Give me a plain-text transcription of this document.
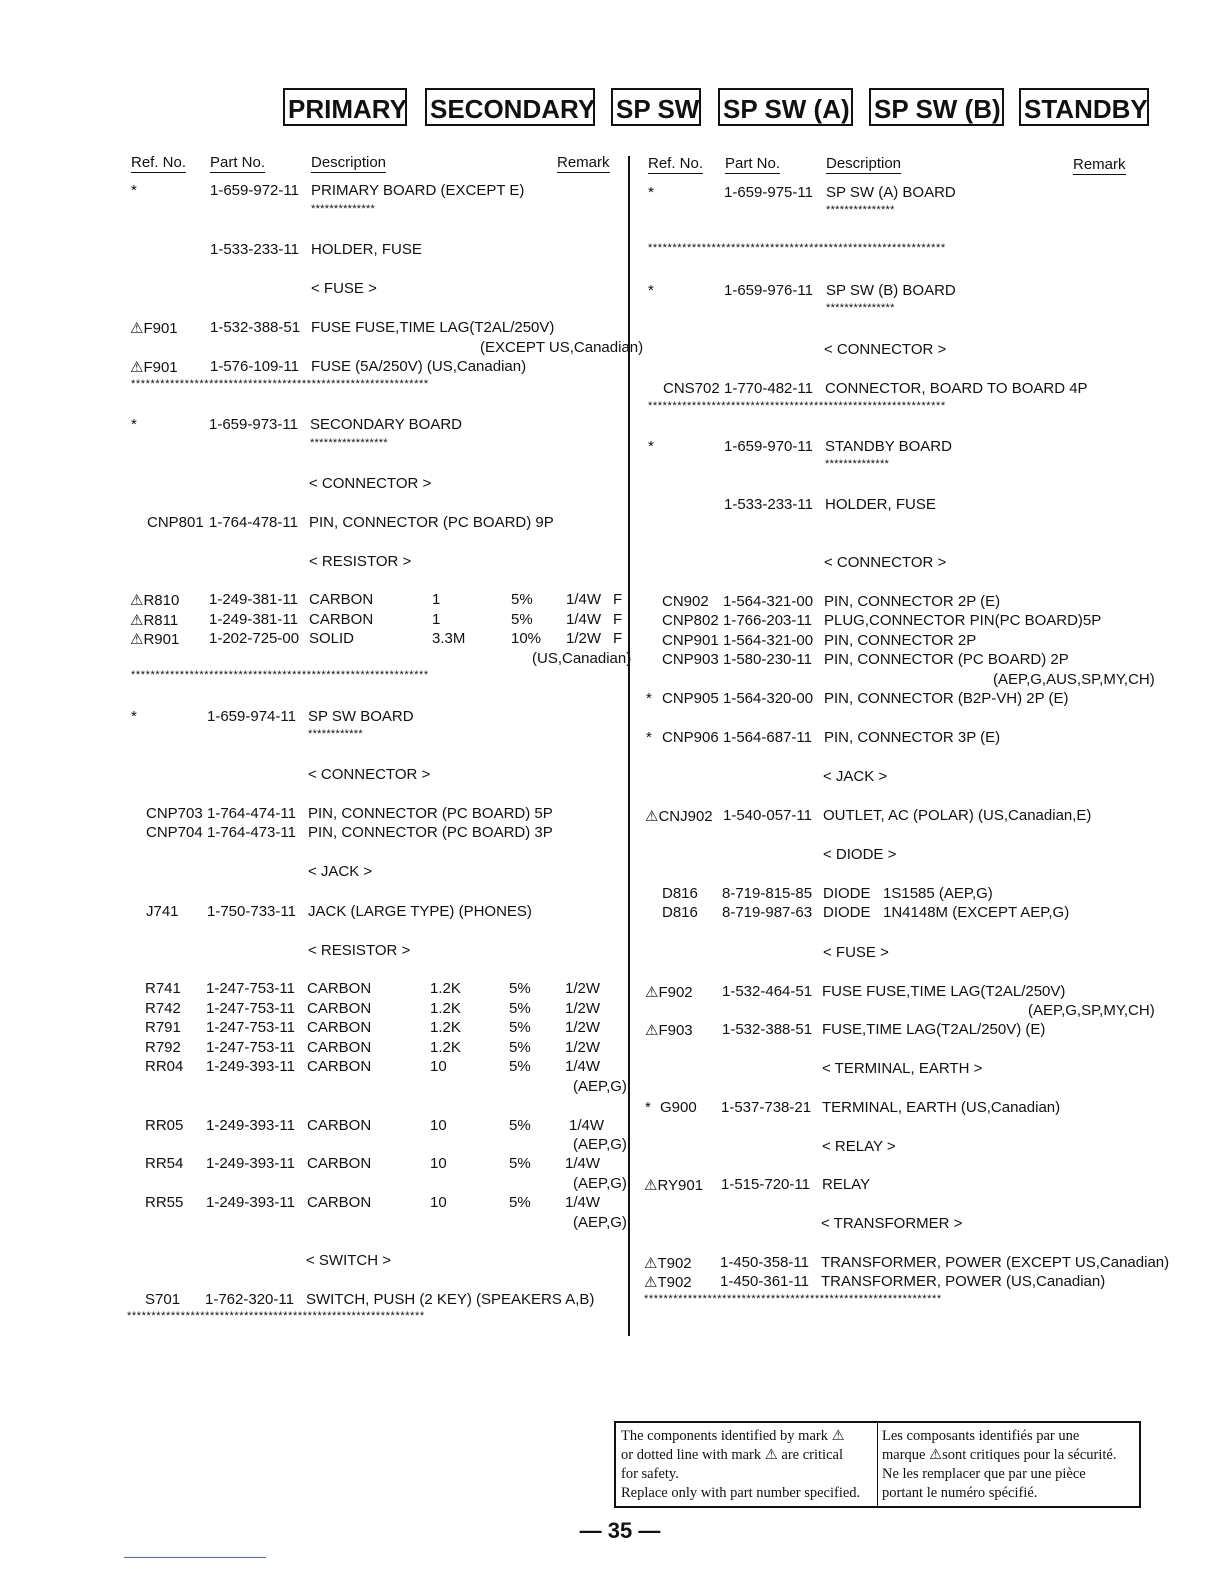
PRIMARY SECONDARY SP SW SP SW (A) SP SW (B) STANDBY
Ref. No. Part No.	Description	Remark
*	1-659-972-11 PRIMARY BOARD (EXCEPT E)
**************
1-533-233-11 HOLDER, FUSE
< FUSE >
⚠F901 1-532-388-51 FUSE FUSE,TIME LAG(T2AL/250V)
(EXCEPT US,Canadian)
⚠F901 1-576-109-11 FUSE (5A/250V) (US,Canadian)
*************************************************************
*	1-659-973-11 SECONDARY BOARD
*****************
< CONNECTOR >
CNP801 1-764-478-11 PIN, CONNECTOR (PC BOARD) 9P
< RESISTOR >
⚠R810 1-249-381-11 CARBON	1	5% 1/4W F
⚠R811 1-249-381-11 CARBON	1	5% 1/4W F
⚠R901 1-202-725-00 SOLID	3.3M	10% 1/2W F
(US,Canadian)
*************************************************************
*	1-659-974-11 SP SW BOARD
************
< CONNECTOR >
CNP703 1-764-474-11 PIN, CONNECTOR (PC BOARD) 5P
CNP704 1-764-473-11 PIN, CONNECTOR (PC BOARD) 3P
< JACK >
J741 1-750-733-11 JACK (LARGE TYPE) (PHONES)
< RESISTOR >
R741 1-247-753-11 CARBON	1.2K	5% 1/2W
R742 1-247-753-11 CARBON	1.2K	5% 1/2W
R791 1-247-753-11 CARBON	1.2K	5% 1/2W
R792 1-247-753-11 CARBON	1.2K	5% 1/2W
RR04 1-249-393-11 CARBON	10	5% 1/4W
(AEP,G)
RR05 1-249-393-11 CARBON	10	5%	1/4W
(AEP,G)
RR54 1-249-393-11 CARBON	10	5% 1/4W
(AEP,G)
RR55 1-249-393-11 CARBON	10	5% 1/4W
(AEP,G)
< SWITCH >
S701 1-762-320-11 SWITCH, PUSH (2 KEY) (SPEAKERS A,B)
*************************************************************
Ref. No. Part No.	Description	Remark
*	1-659-975-11 SP SW (A) BOARD
***************
*************************************************************
*	1-659-976-11 SP SW (B) BOARD
***************
< CONNECTOR >
CNS702 1-770-482-11 CONNECTOR, BOARD TO BOARD 4P
*************************************************************
*	1-659-970-11 STANDBY BOARD
**************
1-533-233-11 HOLDER, FUSE
< CONNECTOR >
CN902 1-564-321-00 PIN, CONNECTOR 2P (E)
CNP802 1-766-203-11 PLUG,CONNECTOR PIN(PC BOARD)5P
CNP901 1-564-321-00 PIN, CONNECTOR 2P
CNP903 1-580-230-11 PIN, CONNECTOR (PC BOARD) 2P
(AEP,G,AUS,SP,MY,CH)
* CNP905 1-564-320-00 PIN, CONNECTOR (B2P-VH) 2P (E)
* CNP906 1-564-687-11 PIN, CONNECTOR 3P (E)
< JACK >
⚠CNJ902 1-540-057-11 OUTLET, AC (POLAR) (US,Canadian,E)
< DIODE >
D816 8-719-815-85 DIODE   1S1585 (AEP,G)
D816 8-719-987-63 DIODE   1N4148M (EXCEPT AEP,G)
< FUSE >
⚠F902 1-532-464-51 FUSE FUSE,TIME LAG(T2AL/250V)
(AEP,G,SP,MY,CH)
⚠F903 1-532-388-51 FUSE,TIME LAG(T2AL/250V) (E)
< TERMINAL, EARTH >
* G900 1-537-738-21 TERMINAL, EARTH (US,Canadian)
< RELAY >
⚠RY901 1-515-720-11 RELAY
< TRANSFORMER >
⚠T902 1-450-358-11 TRANSFORMER, POWER (EXCEPT US,Canadian)
⚠T902 1-450-361-11 TRANSFORMER, POWER (US,Canadian)
*************************************************************
The components identified by mark ⚠
or dotted line with mark ⚠ are critical
for safety.
Replace only with part number specified.
Les composants identifiés par une
marque ⚠sont critiques pour la sécurité.
Ne les remplacer que par une pièce
portant le numéro spécifié.
— 35 —
